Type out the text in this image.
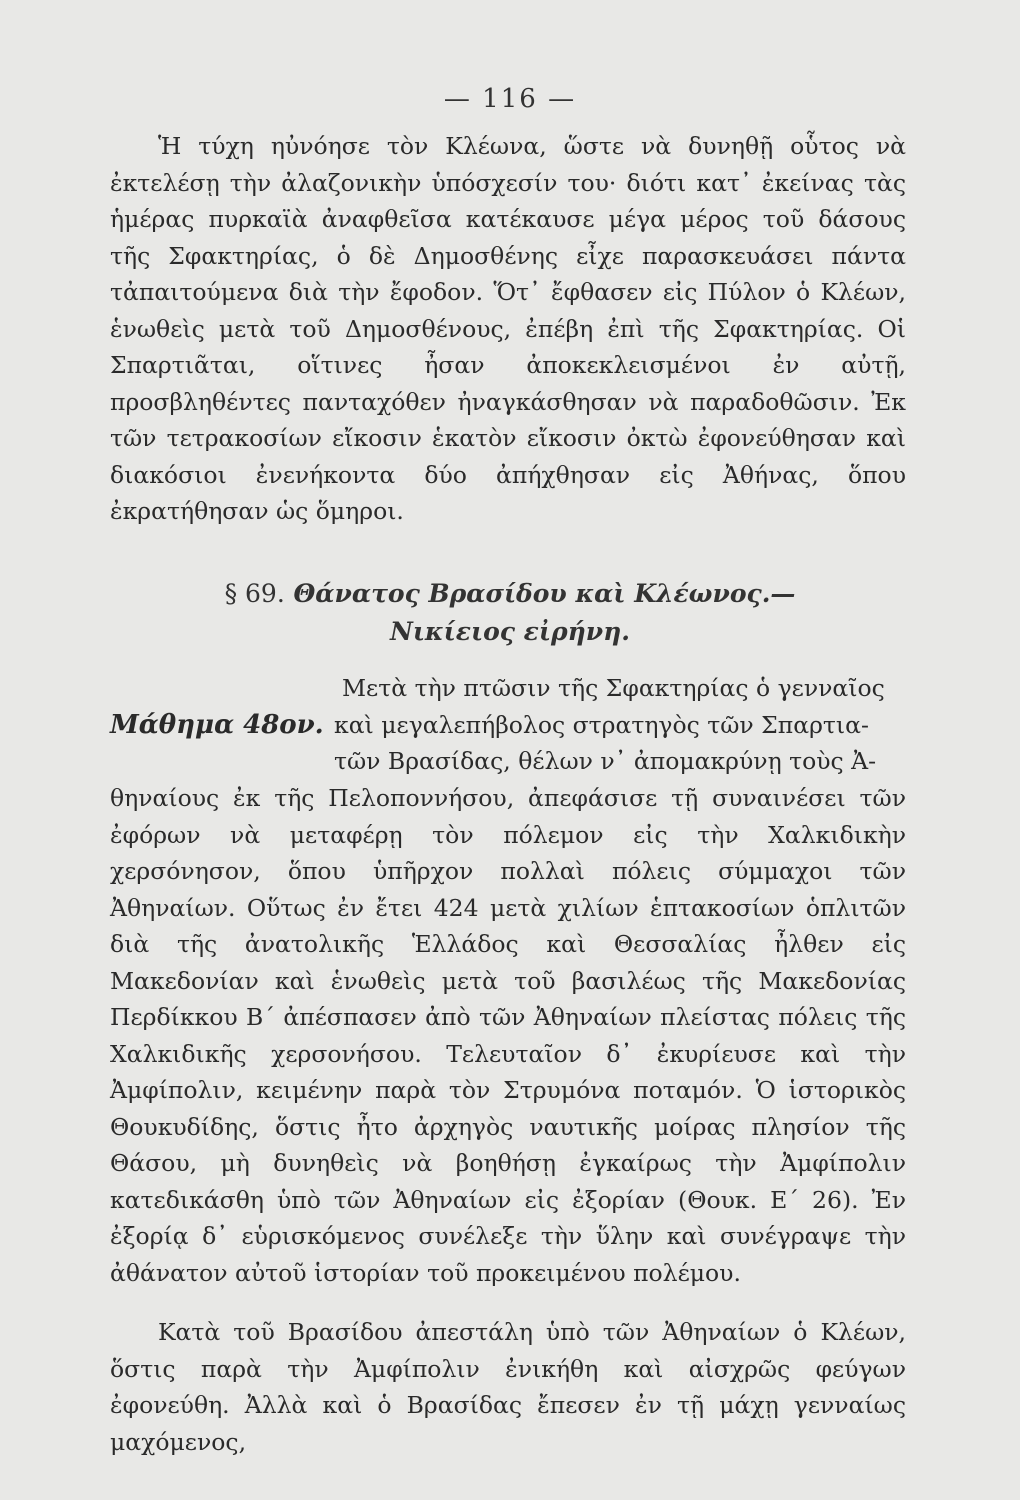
— 116 —

Ἡ τύχη ηὐνόησε τὸν Κλέωνα, ὥστε νὰ δυνηθῇ οὗτος νὰ ἐκτελέσῃ τὴν ἀλαζονικὴν ὑπόσχεσίν του· διότι κατ᾽ ἐκείνας τὰς ἡμέρας πυρκαϊὰ ἀναφθεῖσα κατέκαυσε μέγα μέρος τοῦ δάσους τῆς Σφακτηρίας, ὁ δὲ Δημοσθένης εἶχε παρασκευάσει πάντα τἀπαιτούμενα διὰ τὴν ἔφοδον. Ὅτ᾽ ἔφθασεν εἰς Πύλον ὁ Κλέων, ἑνωθεὶς μετὰ τοῦ Δημοσθένους, ἐπέβη ἐπὶ τῆς Σφακτηρίας. Οἱ Σπαρτιᾶται, οἵτινες ἦσαν ἀποκεκλεισμένοι ἐν αὐτῇ, προσβληθέντες πανταχόθεν ἠναγκάσθησαν νὰ παραδοθῶσιν. Ἐκ τῶν τετρακοσίων εἴκοσιν ἑκατὸν εἴκοσιν ὀκτὼ ἐφονεύθησαν καὶ διακόσιοι ἐνενήκοντα δύο ἀπήχθησαν εἰς Ἀθήνας, ὅπου ἐκρατήθησαν ὡς ὅμηροι.

§ 69. Θάνατος Βρασίδου καὶ Κλέωνος.—
Νικίειος εἰρήνη.
Μετὰ τὴν πτῶσιν τῆς Σφακτηρίας ὁ γενναῖος
Μάθημα 48ον. καὶ μεγαλεπήβολος στρατηγὸς τῶν Σπαρτια-
τῶν Βρασίδας, θέλων ν᾽ ἀπομακρύνῃ τοὺς Ἀ-

θηναίους ἐκ τῆς Πελοποννήσου, ἀπεφάσισε τῇ συναινέσει τῶν ἐφόρων νὰ μεταφέρῃ τὸν πόλεμον εἰς τὴν Χαλκιδικὴν χερσόνησον, ὅπου ὑπῆρχον πολλαὶ πόλεις σύμμαχοι τῶν Ἀθηναίων. Οὕτως ἐν ἔτει 424 μετὰ χιλίων ἑπτακοσίων ὁπλιτῶν διὰ τῆς ἀνατολικῆς Ἑλλάδος καὶ Θεσσαλίας ἦλθεν εἰς Μακεδονίαν καὶ ἑνωθεὶς μετὰ τοῦ βασιλέως τῆς Μακεδονίας Περδίκκου Β´ ἀπέσπασεν ἀπὸ τῶν Ἀθηναίων πλείστας πόλεις τῆς Χαλκιδικῆς χερσονήσου. Τελευταῖον δ᾽ ἐκυρίευσε καὶ τὴν Ἀμφίπολιν, κειμένην παρὰ τὸν Στρυμόνα ποταμόν. Ὁ ἱστορικὸς Θουκυδίδης, ὅστις ἦτο ἀρχηγὸς ναυτικῆς μοίρας πλησίον τῆς Θάσου, μὴ δυνηθεὶς νὰ βοηθήσῃ ἐγκαίρως τὴν Ἀμφίπολιν κατεδικάσθη ὑπὸ τῶν Ἀθηναίων εἰς ἐξορίαν (Θουκ. Ε´ 26). Ἐν ἐξορίᾳ δ᾽ εὑρισκόμενος συνέλεξε τὴν ὕλην καὶ συνέγραψε τὴν ἀθάνατον αὐτοῦ ἱστορίαν τοῦ προκειμένου πολέμου.

Κατὰ τοῦ Βρασίδου ἀπεστάλη ὑπὸ τῶν Ἀθηναίων ὁ Κλέων, ὅστις παρὰ τὴν Ἀμφίπολιν ἐνικήθη καὶ αἰσχρῶς φεύγων ἐφονεύθη. Ἀλλὰ καὶ ὁ Βρασίδας ἔπεσεν ἐν τῇ μάχῃ γενναίως μαχόμενος,
